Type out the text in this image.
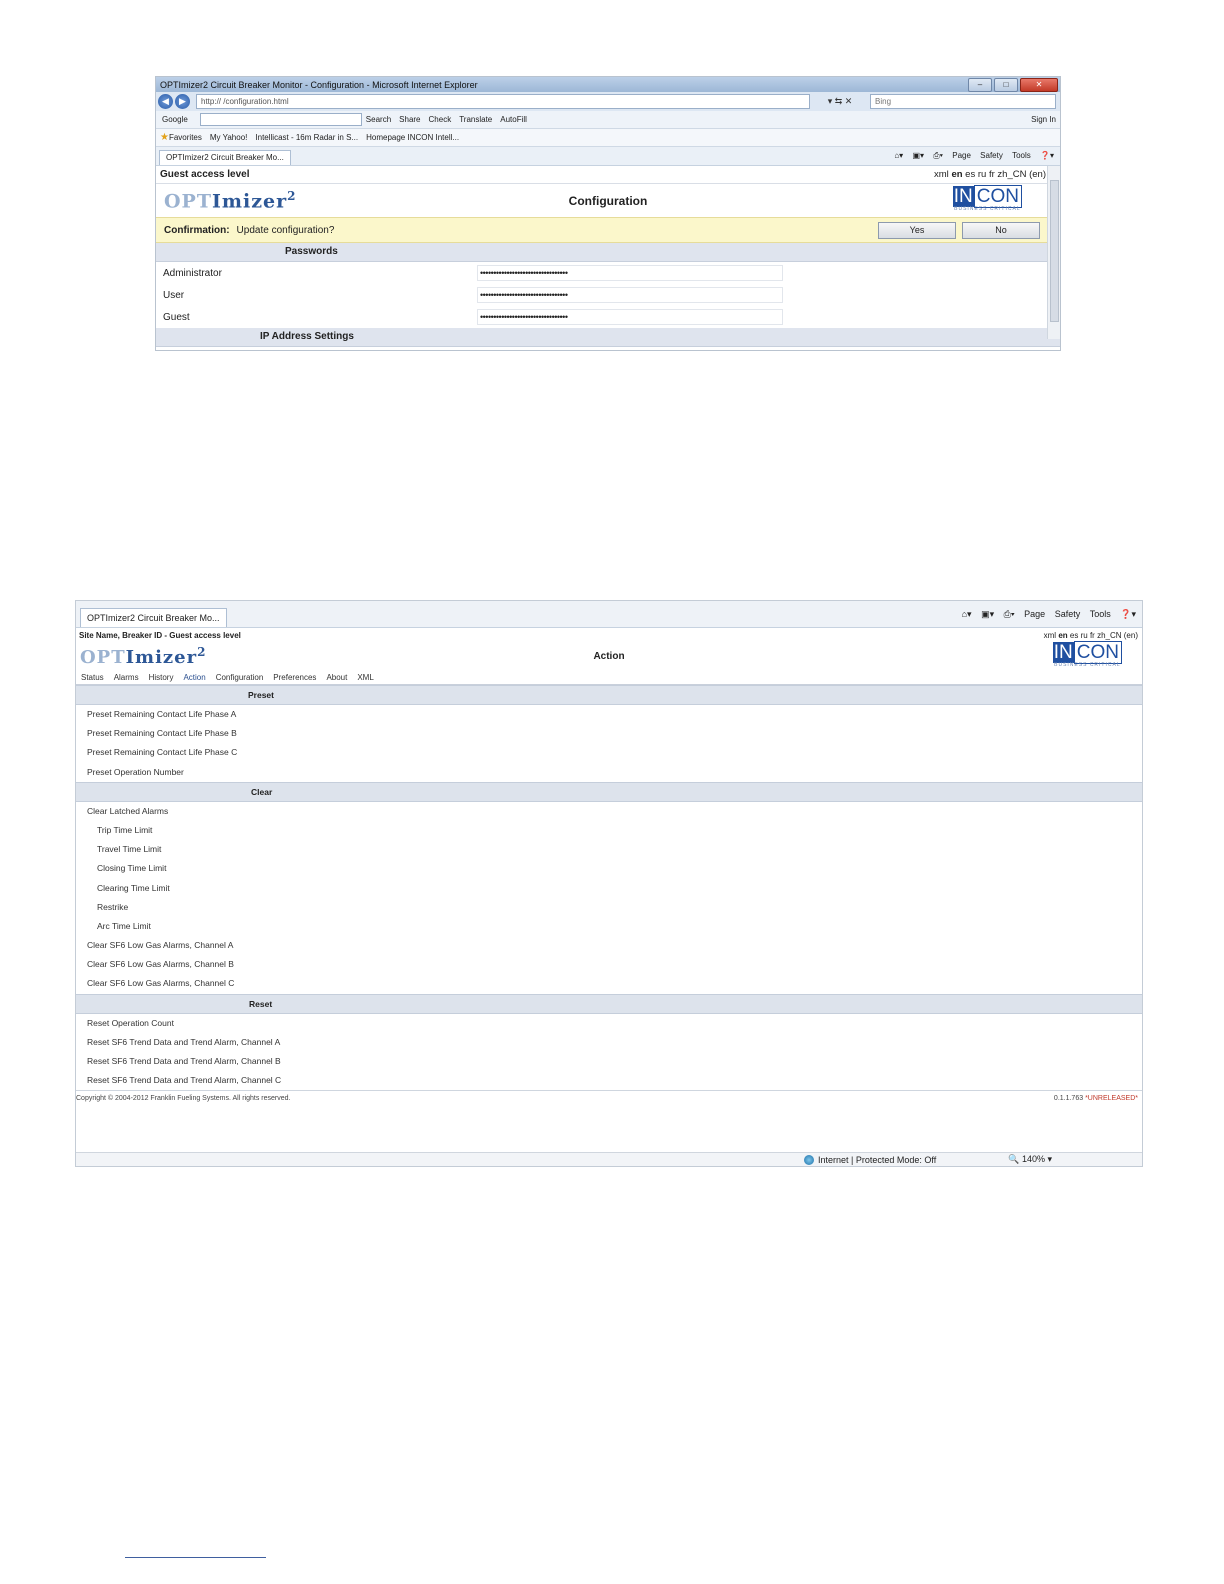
OPTImizer2 Circuit Breaker Monitor - Configuration - Microsoft Internet Explorer	–	□	✕
◀	▶	http:// /configuration.html	▾ ⇆ ✕	Bing
Google	Search Share Check Translate AutoFill	Sign In
★ Favorites My Yahoo! Intellicast - 16m Radar in S... Homepage INCON Intell...
OPTImizer2 Circuit Breaker Mo...	⌂▾ ▣▾ ⎙▾ Page Safety Tools ❓▾
Guest access level	xml en es ru fr zh_CN (en)
OPTImizer$^2$	Configuration	IN CON
BUSINESS CRITICAL
Confirmation: Update configuration?	Yes	No
Passwords
Administrator	•••••••••••••••••••••••••••••••••
User	•••••••••••••••••••••••••••••••••
Guest	•••••••••••••••••••••••••••••••••
IP Address Settings
OPTImizer2 Circuit Breaker Mo...	⌂▾ ▣▾ ⎙▾ Page Safety Tools ❓▾
Site Name, Breaker ID - Guest access level	xml en es ru fr zh_CN (en)
OPTImizer$^2$	Action	IN CON
BUSINESS CRITICAL
Status Alarms History Action Configuration Preferences About XML
Preset
Preset Remaining Contact Life Phase A
Preset Remaining Contact Life Phase B
Preset Remaining Contact Life Phase C
Preset Operation Number
Clear
Clear Latched Alarms
Trip Time Limit
Travel Time Limit
Closing Time Limit
Clearing Time Limit
Restrike
Arc Time Limit
Clear SF6 Low Gas Alarms, Channel A
Clear SF6 Low Gas Alarms, Channel B
Clear SF6 Low Gas Alarms, Channel C
Reset
Reset Operation Count
Reset SF6 Trend Data and Trend Alarm, Channel A
Reset SF6 Trend Data and Trend Alarm, Channel B
Reset SF6 Trend Data and Trend Alarm, Channel C
Copyright © 2004-2012 Franklin Fueling Systems. All rights reserved.	0.1.1.763 *UNRELEASED*
Internet | Protected Mode: Off	🔍 140% ▾
